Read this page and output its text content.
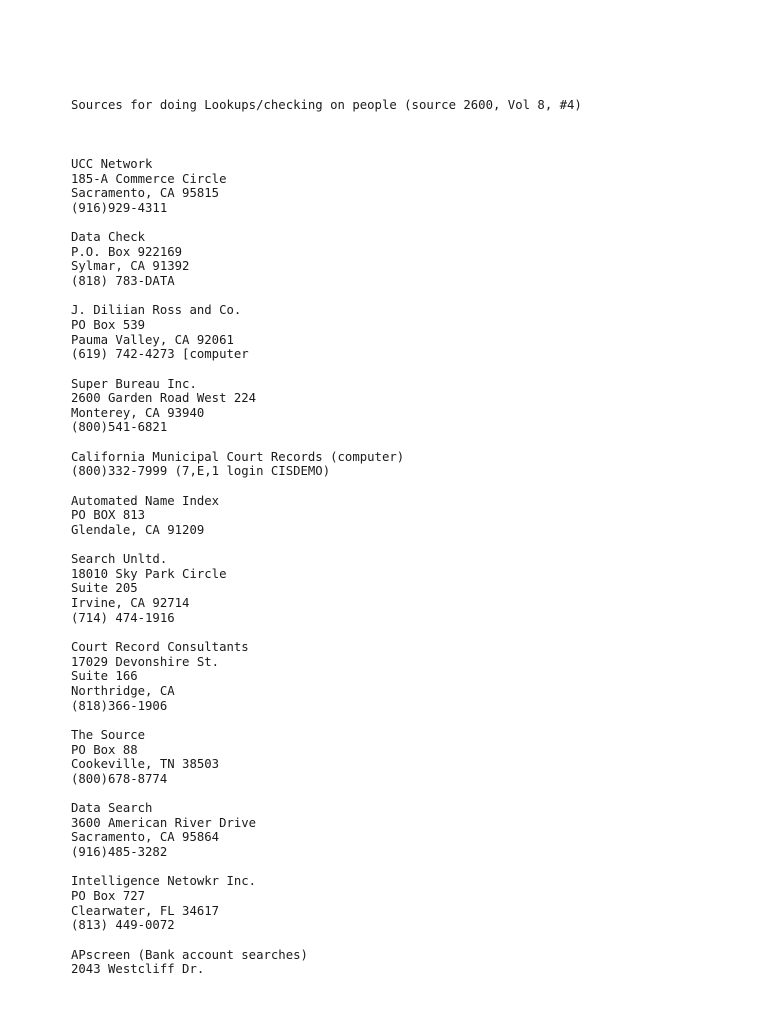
Sources for doing Lookups/checking on people (source 2600, Vol 8, #4)

UCC Network
185-A Commerce Circle
Sacramento, CA 95815
(916)929-4311
Data Check
P.O. Box 922169
Sylmar, CA 91392
(818) 783-DATA
J. Diliian Ross and Co.
PO Box 539
Pauma Valley, CA 92061
(619) 742-4273 [computer
Super Bureau Inc.
2600 Garden Road West 224
Monterey, CA 93940
(800)541-6821
California Municipal Court Records (computer)
(800)332-7999 (7,E,1 login CISDEMO)
Automated Name Index
PO BOX 813
Glendale, CA 91209
Search Unltd.
18010 Sky Park Circle
Suite 205
Irvine, CA 92714
(714) 474-1916
Court Record Consultants
17029 Devonshire St.
Suite 166
Northridge, CA
(818)366-1906
The Source
PO Box 88
Cookeville, TN 38503
(800)678-8774
Data Search
3600 American River Drive
Sacramento, CA 95864
(916)485-3282
Intelligence Netowkr Inc.
PO Box 727
Clearwater, FL 34617
(813) 449-0072
APscreen (Bank account searches)
2043 Westcliff Dr.
